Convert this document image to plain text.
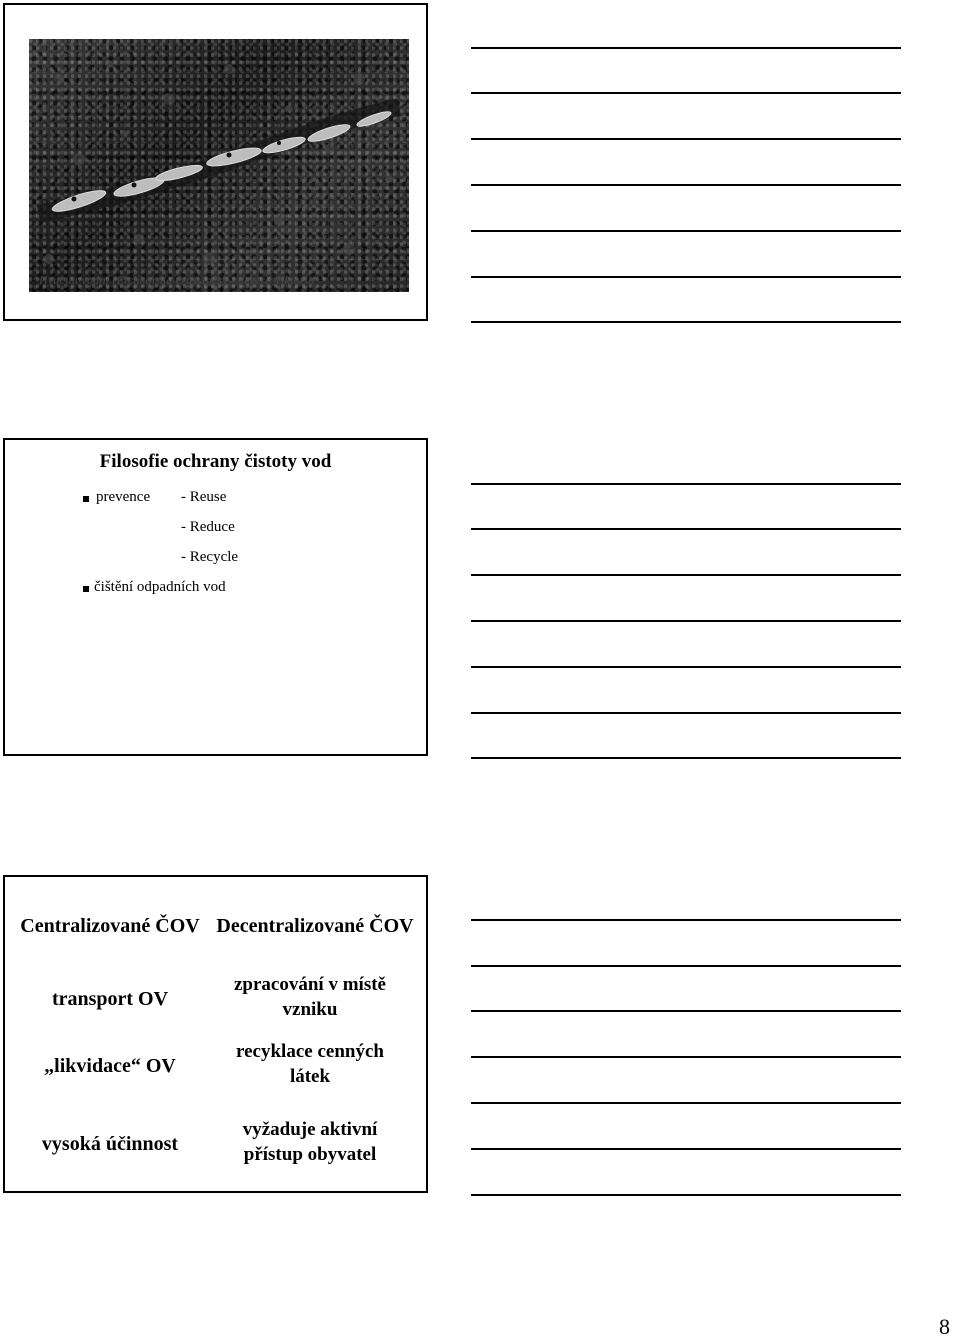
Hyacint vodní (Eichhornia crassipes) – Jezero Viktoria
Filosofie ochrany čistoty vod
prevence - Reuse
- Reduce
- Recycle
čištění odpadních vod
Centralizované ČOV
transport OV
„likvidace“ OV
vysoká účinnost
Decentralizované ČOV
zpracování v místě vzniku
recyklace cenných látek
vyžaduje aktivní přístup obyvatel
8
